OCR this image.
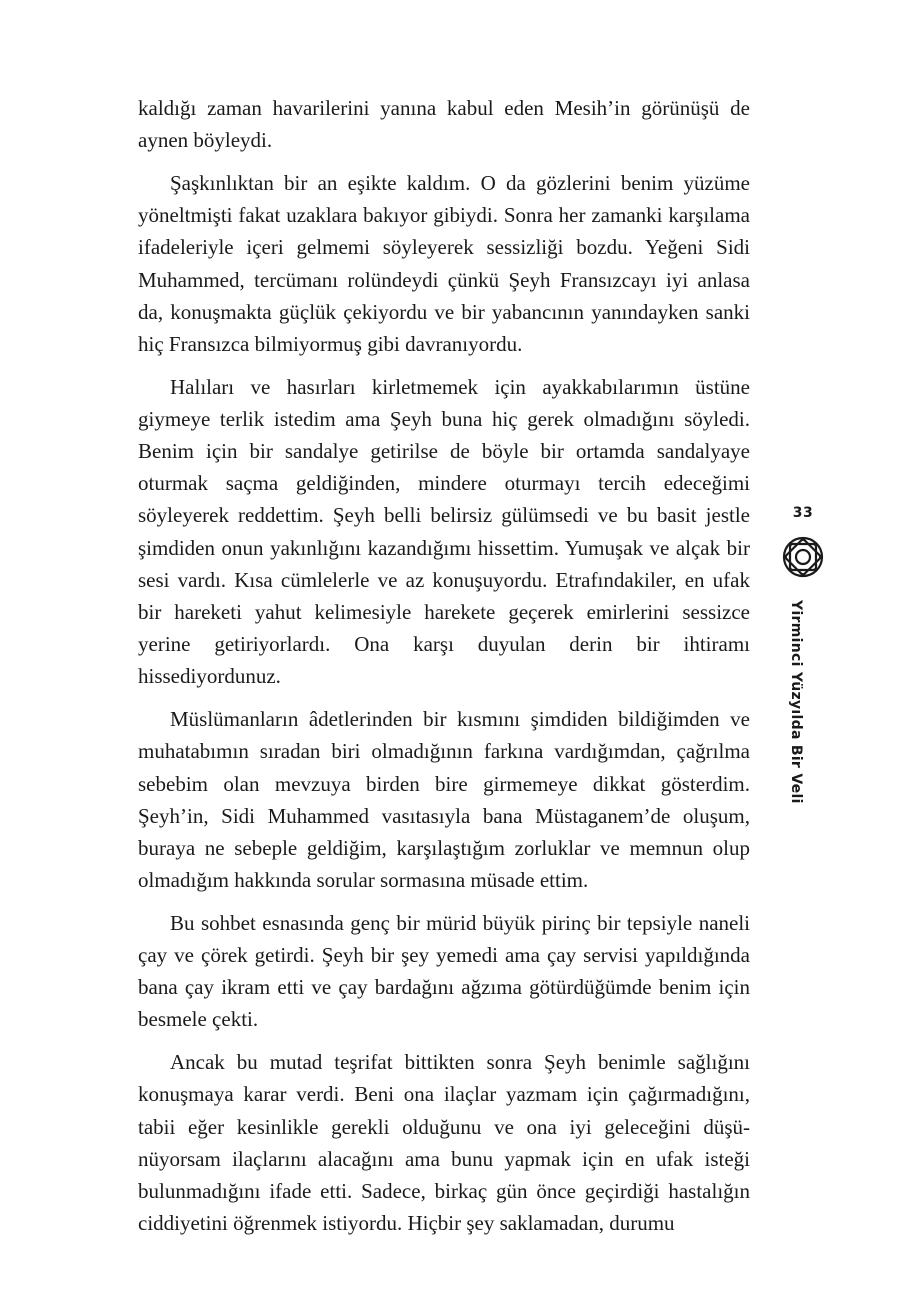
kaldığı zaman havarilerini yanına kabul eden Mesih’in görünüşü de aynen böyleydi.

Şaşkınlıktan bir an eşikte kaldım. O da gözlerini benim yüzüme yöneltmişti fakat uzaklara bakıyor gibiydi. Sonra her zamanki karşılama ifadeleriyle içeri gelmemi söyleyerek sessizliği bozdu. Yeğeni Sidi Muhammed, tercümanı rolündeydi çünkü Şeyh Fransızcayı iyi anlasa da, konuşmakta güçlük çekiyordu ve bir yabancının yanındayken sanki hiç Fransızca bilmiyormuş gibi davranıyordu.

Halıları ve hasırları kirletmemek için ayakkabılarımın üstüne giymeye terlik istedim ama Şeyh buna hiç gerek olmadığını söyledi. Benim için bir sandalye getirilse de böyle bir ortamda sandalyaye oturmak saçma geldiğinden, mindere oturmayı tercih edeceğimi söyleyerek reddettim. Şeyh belli belirsiz gülümsedi ve bu basit jestle şimdiden onun yakınlığını kazandığımı hissettim. Yumuşak ve alçak bir sesi vardı. Kısa cümlelerle ve az konuşuyordu. Etrafındakiler, en ufak bir hareketi yahut kelimesiyle harekete geçerek emirlerini sessizce yerine getiriyorlardı. Ona karşı duyulan derin bir ihtiramı hissediyordunuz.

Müslümanların âdetlerinden bir kısmını şimdiden bildiğimden ve muhatabımın sıradan biri olmadığının farkına vardığımdan, çağrılma sebebim olan mevzuya birden bire girmemeye dikkat gösterdim. Şeyh’in, Sidi Muhammed vasıtasıyla bana Müstaganem’de oluşum, buraya ne sebeple geldiğim, karşılaştığım zorluklar ve memnun olup olmadığım hakkında sorular sormasına müsade ettim.

Bu sohbet esnasında genç bir mürid büyük pirinç bir tepsiyle naneli çay ve çörek getirdi. Şeyh bir şey yemedi ama çay servisi yapıldığında bana çay ikram etti ve çay bardağını ağzıma götürdüğümde benim için besmele çekti.

Ancak bu mutad teşrifat bittikten sonra Şeyh benimle sağlığını konuşmaya karar verdi. Beni ona ilaçlar yazmam için çağırmadığını, tabii eğer kesinlikle gerekli olduğunu ve ona iyi geleceğini düşünüyorsam ilaçlarını alacağını ama bunu yapmak için en ufak isteği bulunmadığını ifade etti. Sadece, birkaç gün önce geçirdiği hastalığın ciddiyetini öğrenmek istiyordu. Hiçbir şey saklamadan, durumu

33
Yirminci Yüzyılda Bir Veli
